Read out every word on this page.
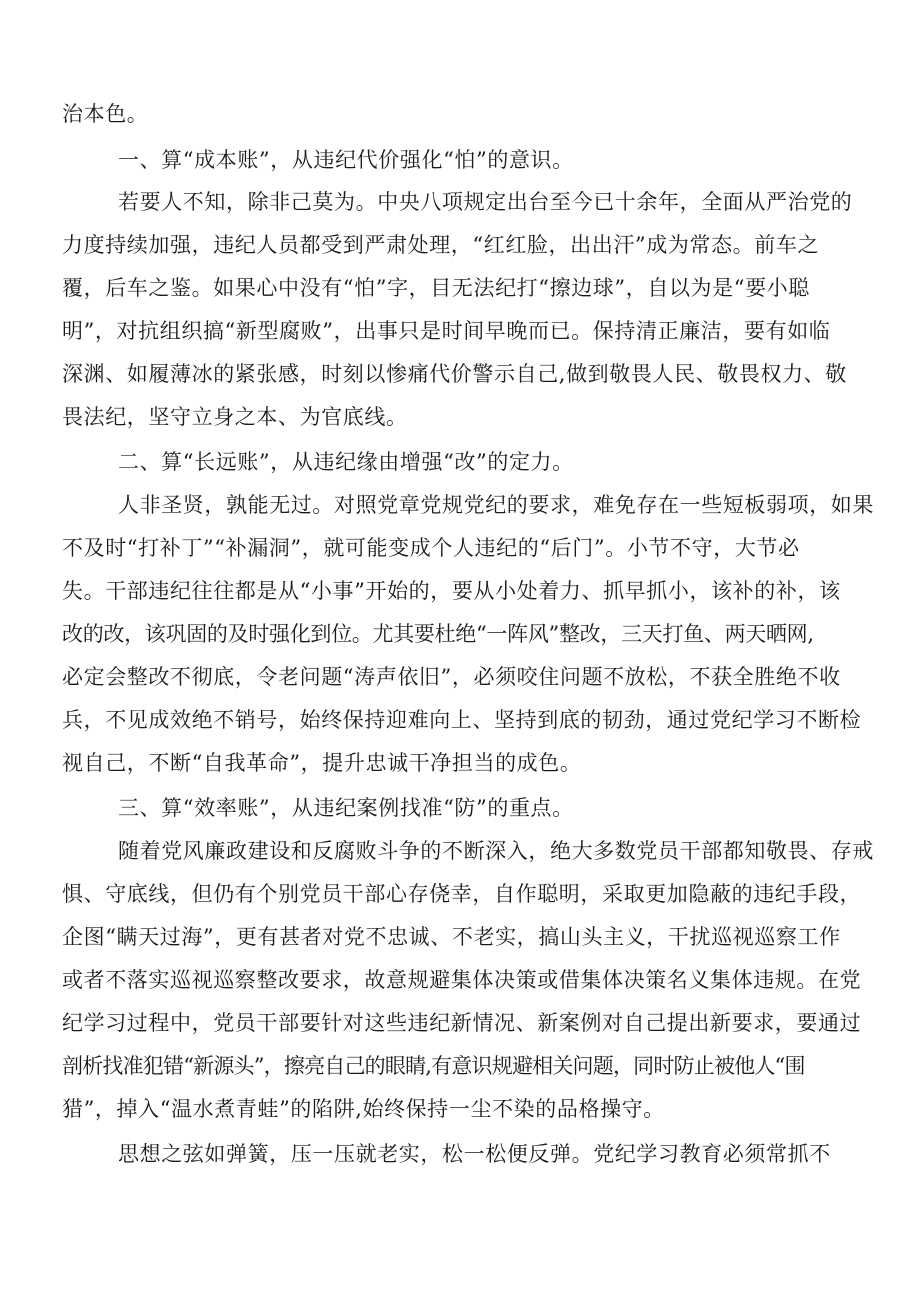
治本色。
一、算“成本账”，从违纪代价强化“怕”的意识。
若要人不知，除非己莫为。中央八项规定出台至今已十余年，全面从严治党的
力度持续加强，违纪人员都受到严肃处理，“红红脸，出出汗”成为常态。前车之
覆，后车之鉴。如果心中没有“怕”字，目无法纪打“擦边球”，自以为是“要小聪
明”，对抗组织搞“新型腐败”，出事只是时间早晚而已。保持清正廉洁，要有如临
深渊、如履薄冰的紧张感，时刻以惨痛代价警示自己,做到敬畏人民、敬畏权力、敬
畏法纪，坚守立身之本、为官底线。
二、算“长远账”，从违纪缘由增强“改”的定力。
人非圣贤，孰能无过。对照党章党规党纪的要求，难免存在一些短板弱项，如果
不及时“打补丁”“补漏洞”，就可能变成个人违纪的“后门”。小节不守，大节必
失。干部违纪往往都是从“小事”开始的，要从小处着力、抓早抓小，该补的补，该
改的改，该巩固的及时强化到位。尤其要杜绝“一阵风”整改，三天打鱼、两天晒网,
必定会整改不彻底，令老问题“涛声依旧”，必须咬住问题不放松，不获全胜绝不收
兵，不见成效绝不销号，始终保持迎难向上、坚持到底的韧劲，通过党纪学习不断检
视自己，不断“自我革命”，提升忠诚干净担当的成色。
三、算“效率账”，从违纪案例找准“防”的重点。
随着党风廉政建设和反腐败斗争的不断深入，绝大多数党员干部都知敬畏、存戒
惧、守底线，但仍有个别党员干部心存侥幸，自作聪明，采取更加隐蔽的违纪手段，
企图“瞒天过海”，更有甚者对党不忠诚、不老实，搞山头主义，干扰巡视巡察工作
或者不落实巡视巡察整改要求，故意规避集体决策或借集体决策名义集体违规。在党
纪学习过程中，党员干部要针对这些违纪新情况、新案例对自己提出新要求，要通过
剖析找准犯错“新源头”，擦亮自己的眼睛,有意识规避相关问题，同时防止被他人“围
猎”，掉入“温水煮青蛙”的陷阱,始终保持一尘不染的品格操守。
思想之弦如弹簧，压一压就老实，松一松便反弹。党纪学习教育必须常抓不
